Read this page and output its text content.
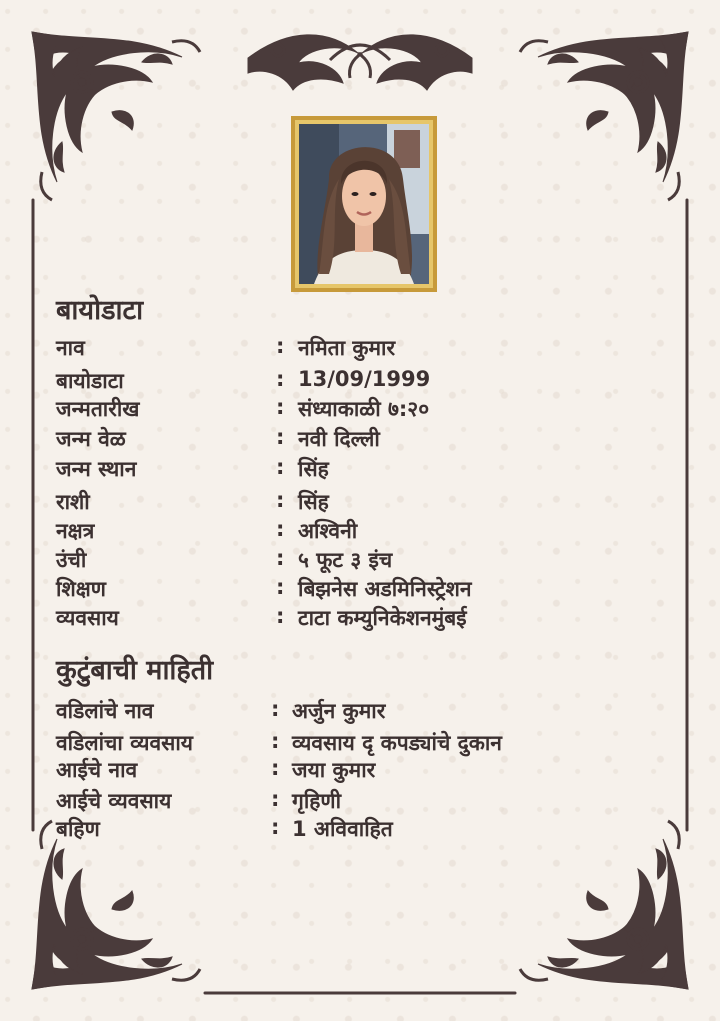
बायोडाटा
नाव	: नमिता कुमार
बायोडाटा	: 13/09/1999
जन्मतारीख	: संध्याकाळी ७:२०
जन्म वेळ	: नवी दिल्ली
जन्म स्थान	: सिंह
राशी	: सिंह
नक्षत्र	: अश्विनी
उंची	: ५ फूट ३ इंच
शिक्षण	: बिझनेस अडमिनिस्ट्रेशन
व्यवसाय	: टाटा कम्युनिकेशनमुंबई
कुटुंबाची माहिती
वडिलांचे नाव	: अर्जुन कुमार
वडिलांचा व्यवसाय	: व्यवसाय दृ कपड्यांचे दुकान
आईचे नाव	: जया कुमार
आईचे व्यवसाय	: गृहिणी
बहिण	: 1 अविवाहित
